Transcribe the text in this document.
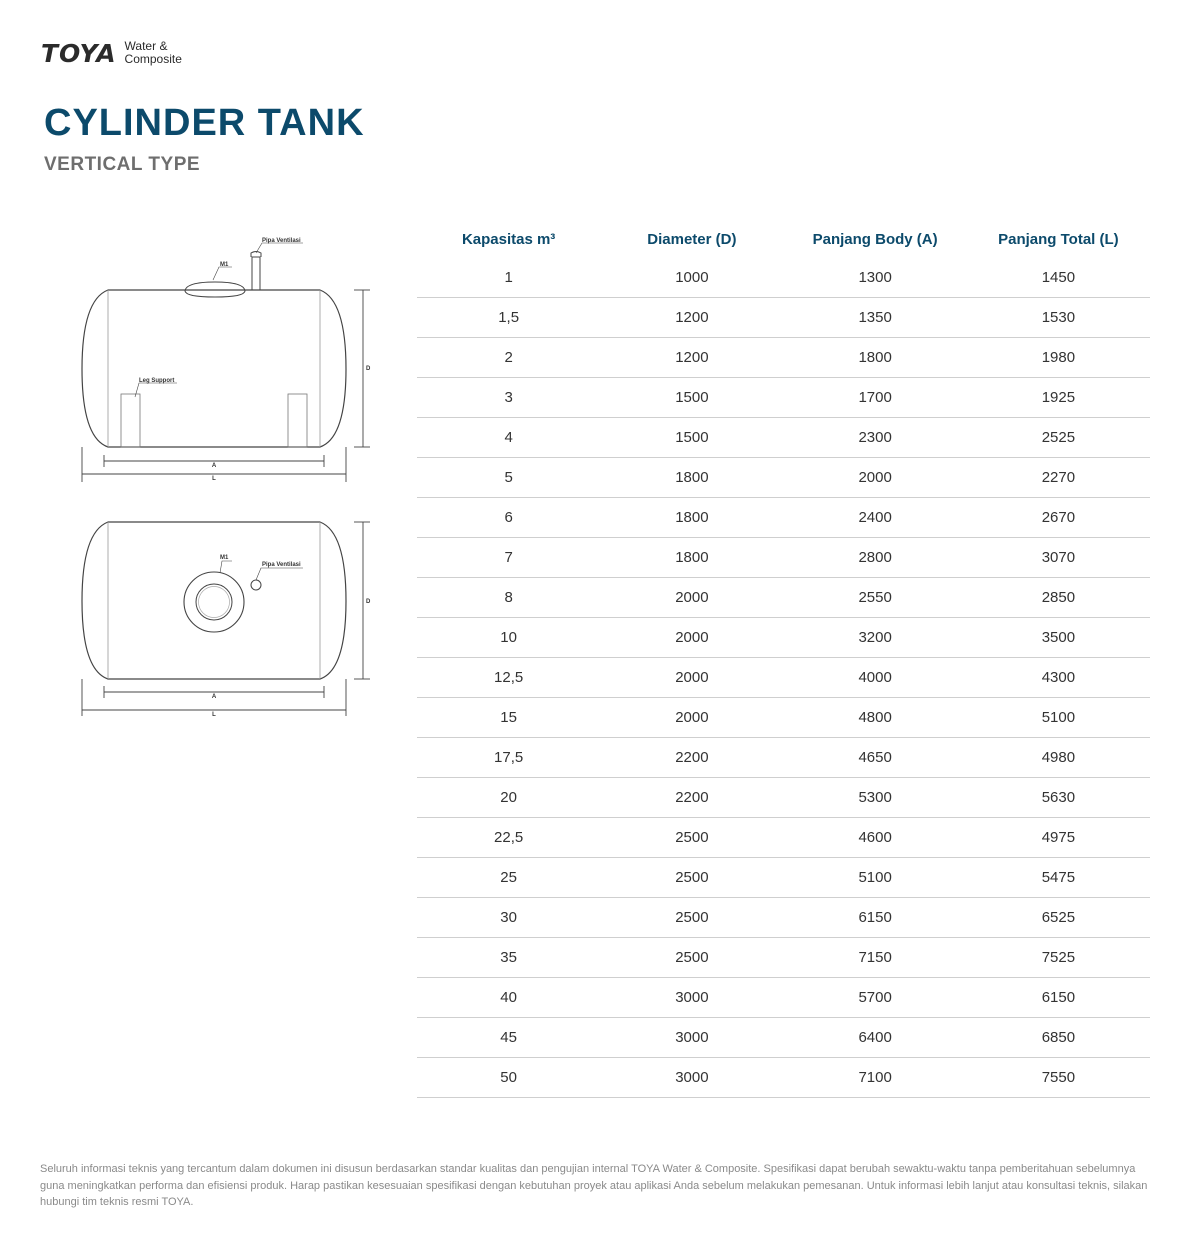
TOYA Water &
Composite
CYLINDER TANK
VERTICAL TYPE
Pipa Ventilasi
M1
Leg Support
A
L
D
M1
Pipa Ventilasi
A
L
D
Kapasitas m³	Diameter (D)	Panjang Body (A)	Panjang Total (L)
1	1000	1300	1450
1,5	1200	1350	1530
2	1200	1800	1980
3	1500	1700	1925
4	1500	2300	2525
5	1800	2000	2270
6	1800	2400	2670
7	1800	2800	3070
8	2000	2550	2850
10	2000	3200	3500
12,5	2000	4000	4300
15	2000	4800	5100
17,5	2200	4650	4980
20	2200	5300	5630
22,5	2500	4600	4975
25	2500	5100	5475
30	2500	6150	6525
35	2500	7150	7525
40	3000	5700	6150
45	3000	6400	6850
50	3000	7100	7550

Seluruh informasi teknis yang tercantum dalam dokumen ini disusun berdasarkan standar kualitas dan pengujian internal TOYA Water & Composite. Spesifikasi dapat berubah sewaktu-waktu tanpa pemberitahuan sebelumnya guna meningkatkan performa dan efisiensi produk. Harap pastikan kesesuaian spesifikasi dengan kebutuhan proyek atau aplikasi Anda sebelum melakukan pemesanan. Untuk informasi lebih lanjut atau konsultasi teknis, silakan hubungi tim teknis resmi TOYA.
